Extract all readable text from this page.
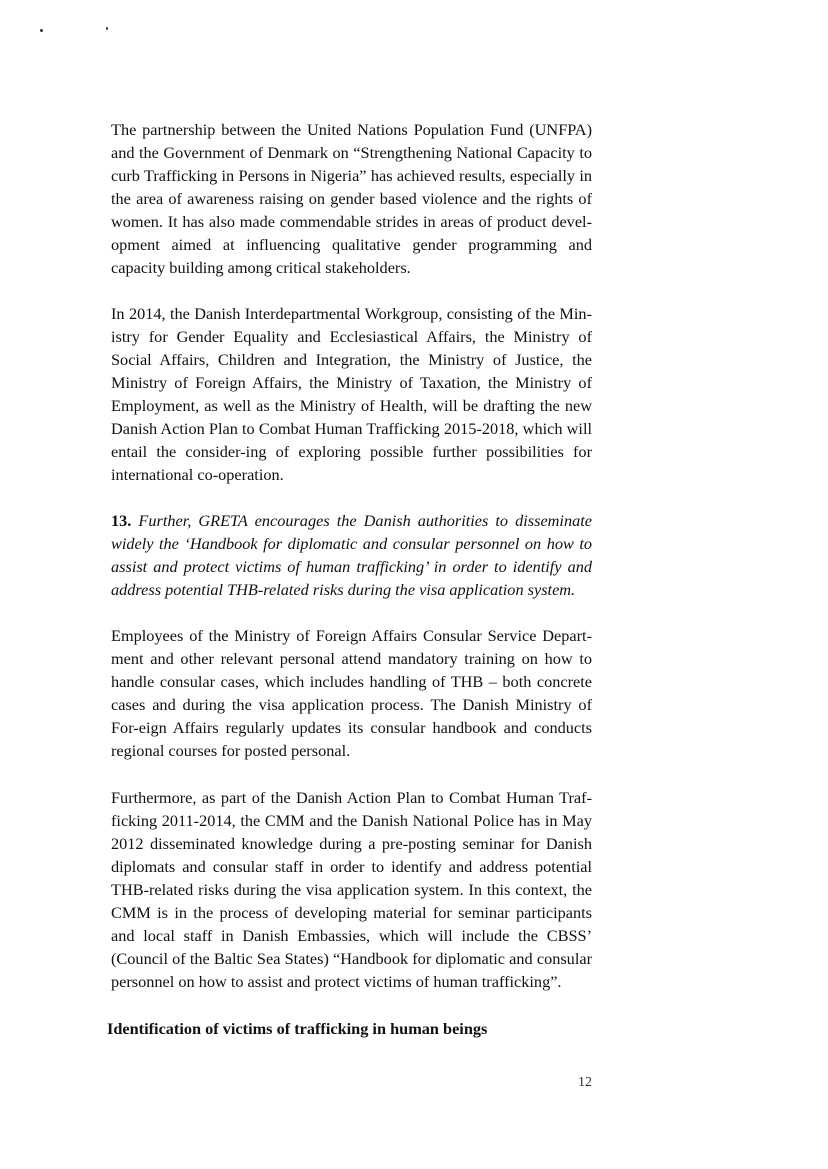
The partnership between the United Nations Population Fund (UNFPA) and the Government of Denmark on “Strengthening National Capacity to curb Trafficking in Persons in Nigeria” has achieved results, especially in the area of awareness raising on gender based violence and the rights of women. It has also made commendable strides in areas of product devel-opment aimed at influencing qualitative gender programming and capacity building among critical stakeholders.

In 2014, the Danish Interdepartmental Workgroup, consisting of the Min-istry for Gender Equality and Ecclesiastical Affairs, the Ministry of Social Affairs, Children and Integration, the Ministry of Justice, the Ministry of Foreign Affairs, the Ministry of Taxation, the Ministry of Employment, as well as the Ministry of Health, will be drafting the new Danish Action Plan to Combat Human Trafficking 2015-2018, which will entail the consider-ing of exploring possible further possibilities for international co-operation.

13. Further, GRETA encourages the Danish authorities to disseminate widely the ‘Handbook for diplomatic and consular personnel on how to assist and protect victims of human trafficking’ in order to identify and address potential THB-related risks during the visa application system.

Employees of the Ministry of Foreign Affairs Consular Service Depart-ment and other relevant personal attend mandatory training on how to handle consular cases, which includes handling of THB – both concrete cases and during the visa application process. The Danish Ministry of For-eign Affairs regularly updates its consular handbook and conducts regional courses for posted personal.

Furthermore, as part of the Danish Action Plan to Combat Human Traf-ficking 2011-2014, the CMM and the Danish National Police has in May 2012 disseminated knowledge during a pre-posting seminar for Danish diplomats and consular staff in order to identify and address potential THB-related risks during the visa application system. In this context, the CMM is in the process of developing material for seminar participants and local staff in Danish Embassies, which will include the CBSS’ (Council of the Baltic Sea States) “Handbook for diplomatic and consular personnel on how to assist and protect victims of human trafficking”.

Identification of victims of trafficking in human beings
12
